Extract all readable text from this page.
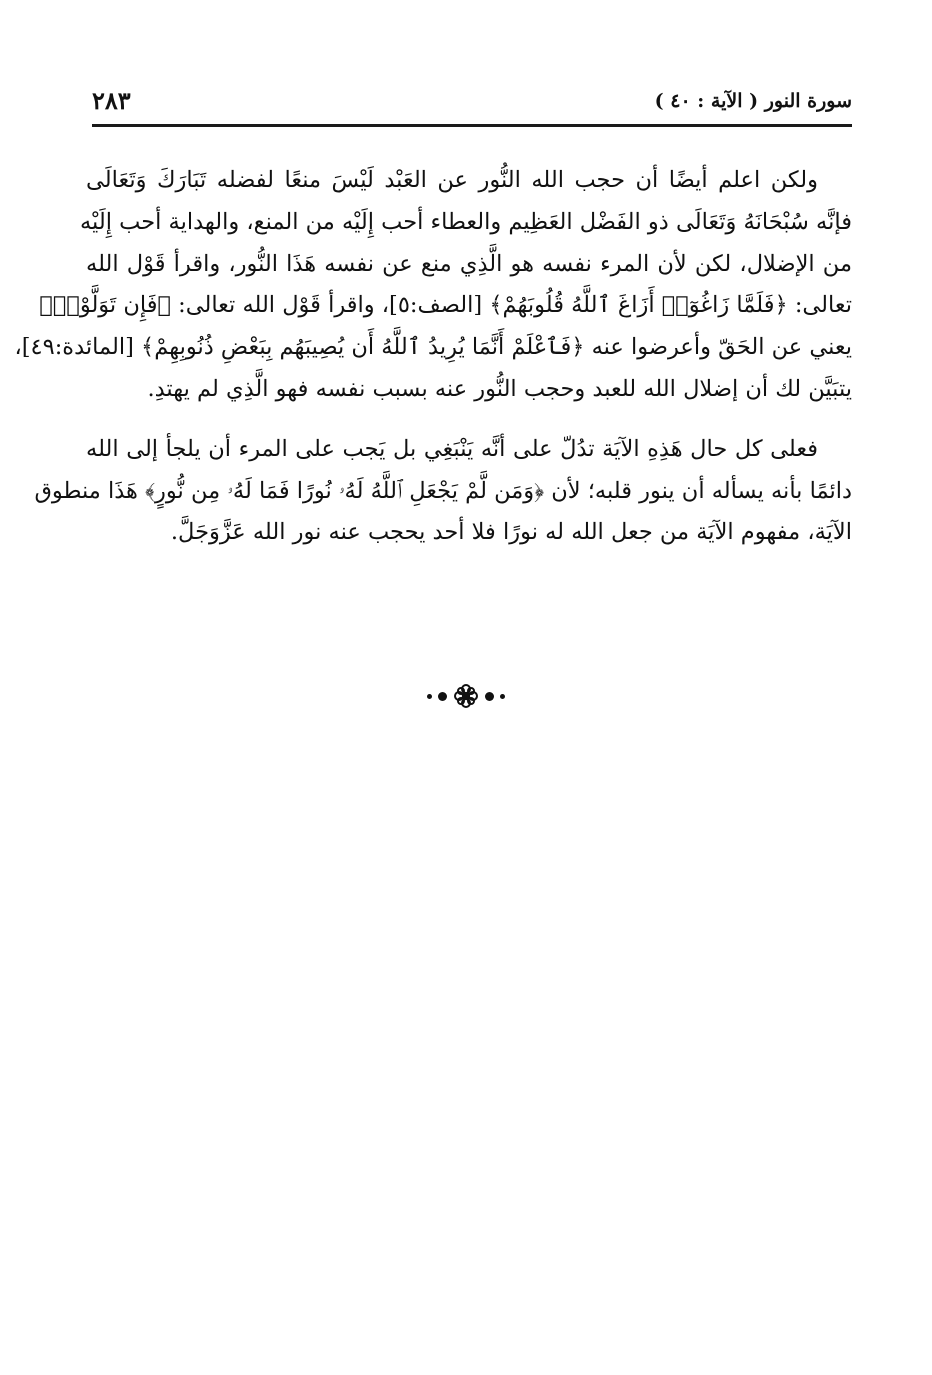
سورة النور ( الآية : ٤٠ )
٢٨٣
ولكن اعلم أيضًا أن حجب الله النُّور عن العَبْد لَيْسَ منعًا لفضله تَبَارَكَ وَتَعَالَى
فإنَّه سُبْحَانَهُ وَتَعَالَى ذو الفَضْل العَظِيم والعطاء أحب إِلَيْه من المنع، والهداية أحب إِلَيْه
من الإضلال، لكن لأن المرء نفسه هو الَّذِي منع عن نفسه هَذَا النُّور، واقرأ قَوْل الله
تعالى: ﴿فَلَمَّا زَاغُوٓا۟ أَزَاغَ ٱللَّهُ قُلُوبَهُمْ﴾ [الصف:٥]، واقرأ قَوْل الله تعالى: ﴿فَإِن تَوَلَّوْا۟﴾
يعني عن الحَقّ وأعرضوا عنه ﴿فَٱعْلَمْ أَنَّمَا يُرِيدُ ٱللَّهُ أَن يُصِيبَهُم بِبَعْضِ ذُنُوبِهِمْ﴾ [المائدة:٤٩]،
يتبَيَّن لك أن إضلال الله للعبد وحجب النُّور عنه بسبب نفسه فهو الَّذِي لم يهتدِ.
فعلى كل حال هَذِهِ الآيَة تدُلّ على أنَّه يَنْبَغِي بل يَجب على المرء أن يلجأ إلى الله
دائمًا بأنه يسأله أن ينور قلبه؛ لأن ﴿وَمَن لَّمْ يَجْعَلِ ٱللَّهُ لَهُۥ نُورًا فَمَا لَهُۥ مِن نُّورٍ﴾ هَذَا منطوق
الآيَة، مفهوم الآيَة من جعل الله له نورًا فلا أحد يحجب عنه نور الله عَزَّوَجَلَّ.
